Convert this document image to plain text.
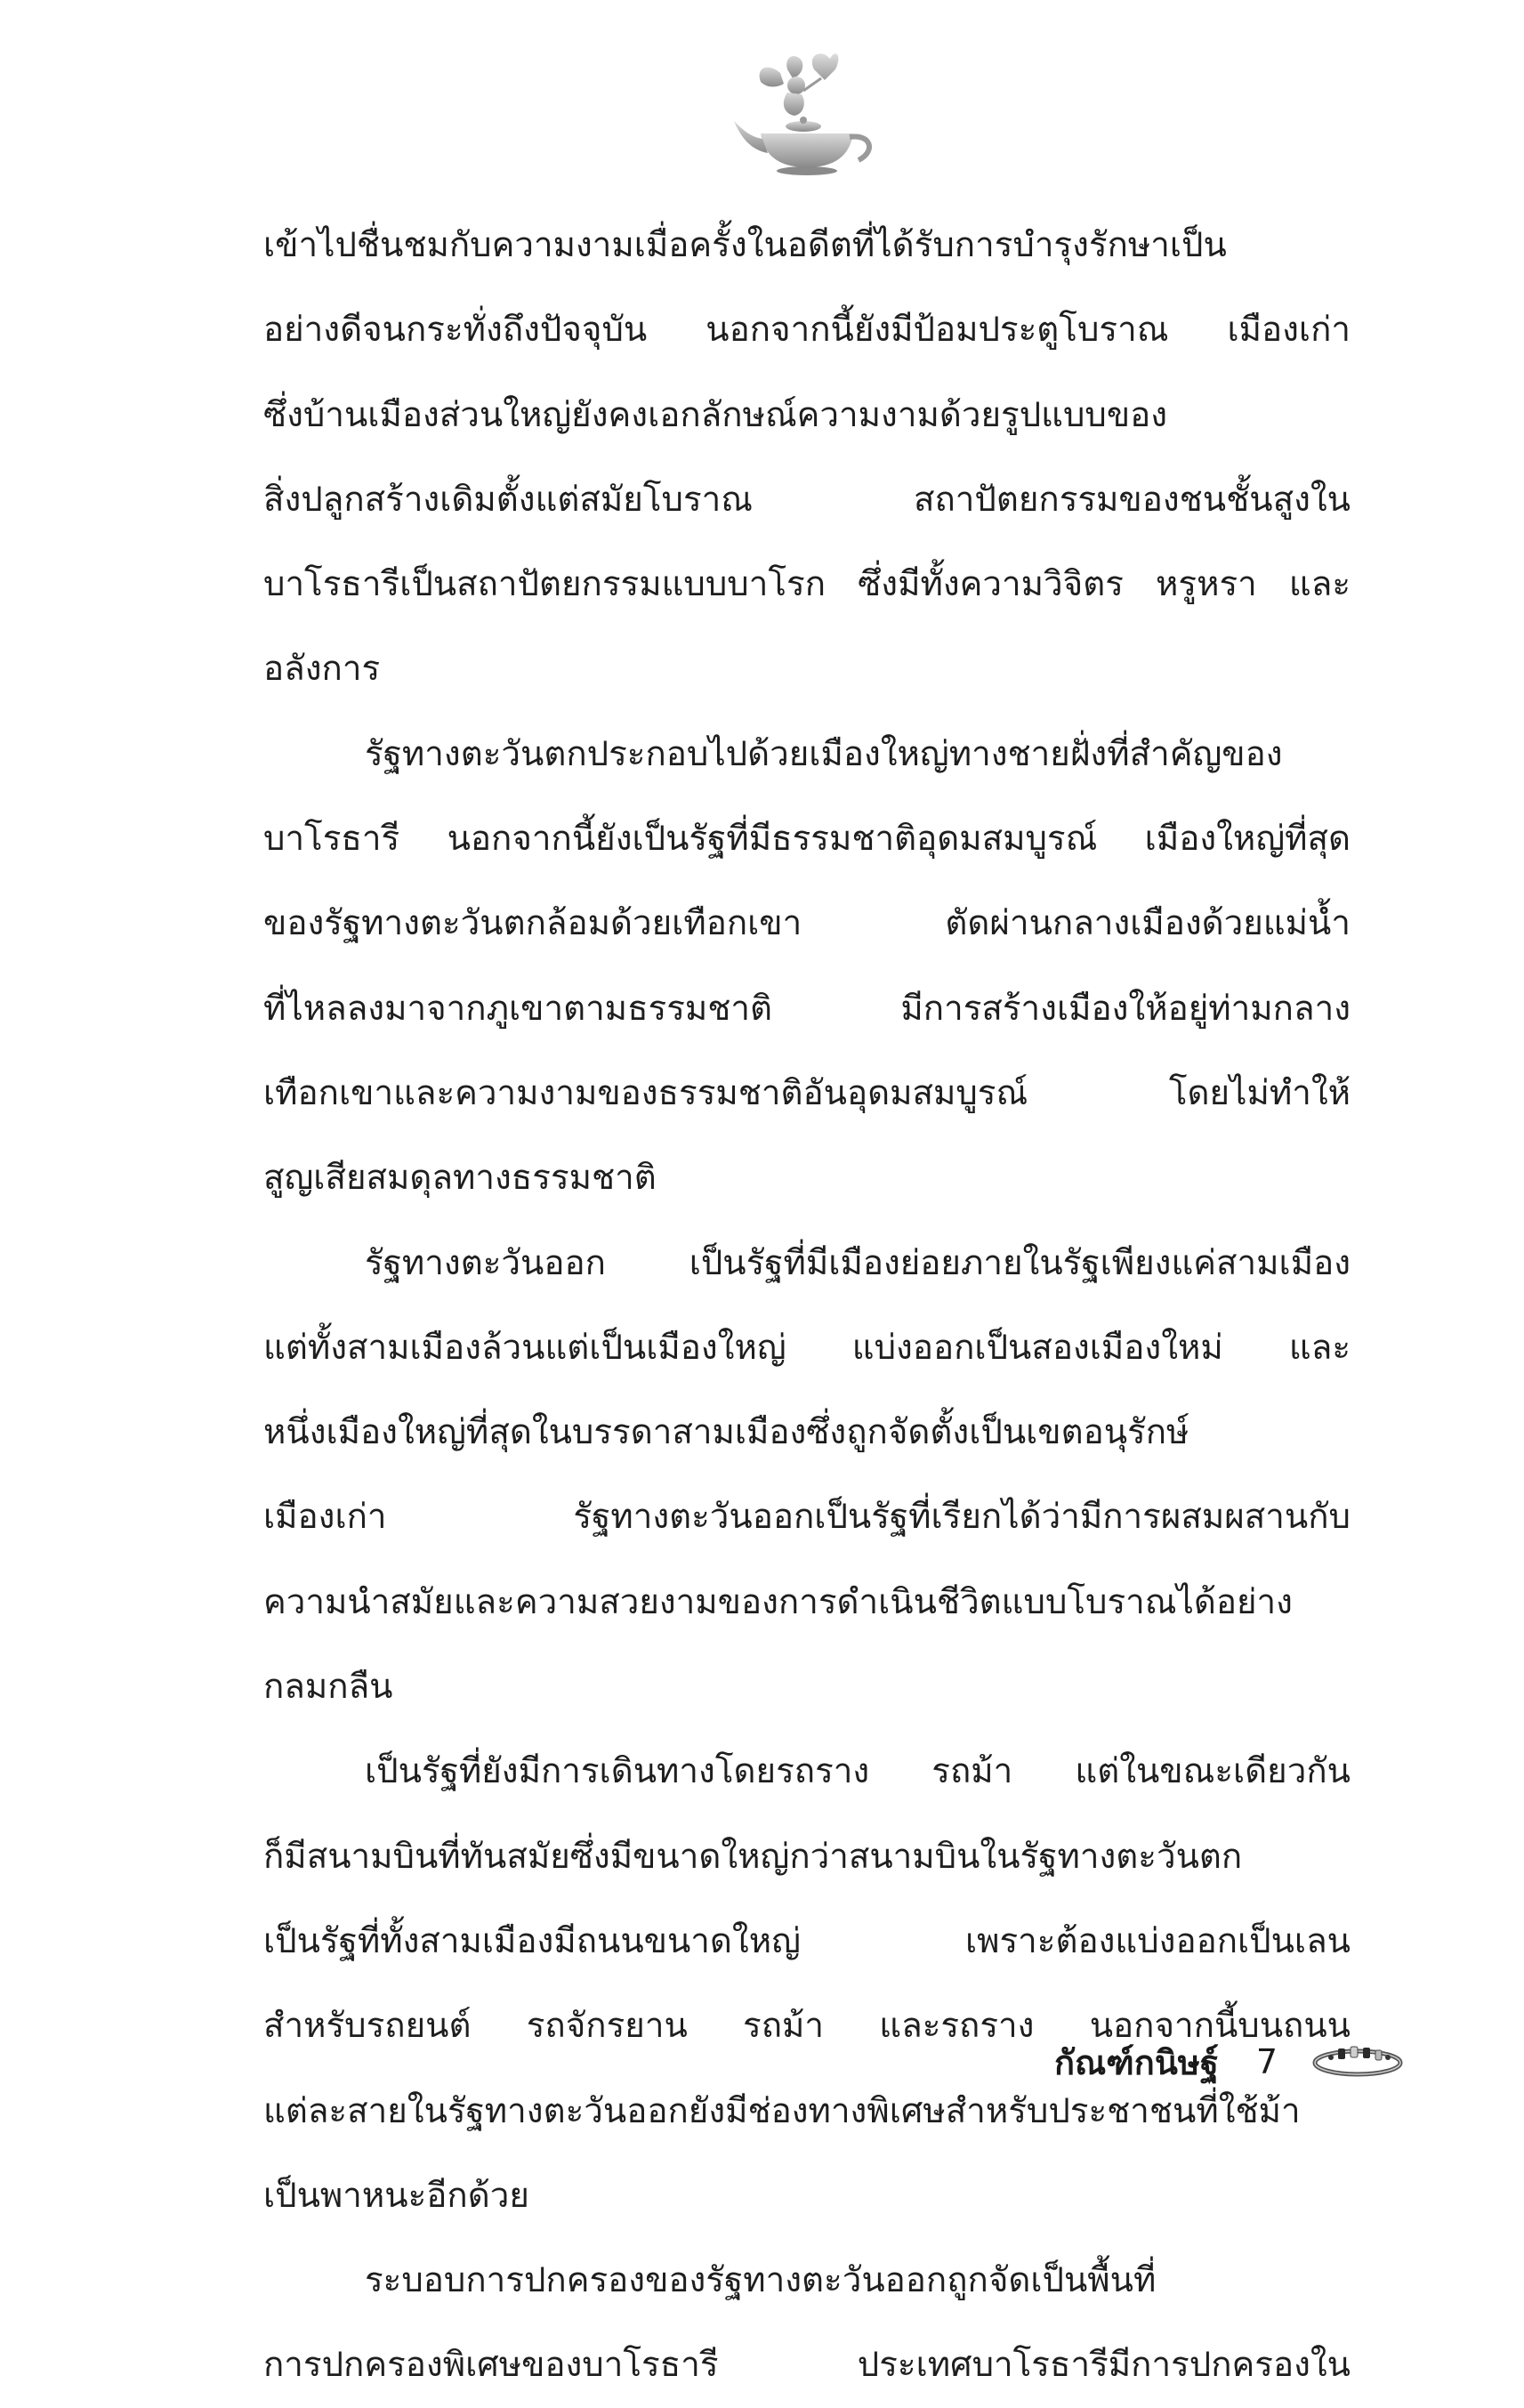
เข้าไปชื่นชมกับความงามเมื่อครั้งในอดีตที่ได้รับการบำรุงรักษาเป็น
อย่างดีจนกระทั่งถึงปัจจุบัน นอกจากนี้ยังมีป้อมประตูโบราณ เมืองเก่า
ซึ่งบ้านเมืองส่วนใหญ่ยังคงเอกลักษณ์ความงามด้วยรูปแบบของ
สิ่งปลูกสร้างเดิมตั้งแต่สมัยโบราณ สถาปัตยกรรมของชนชั้นสูงใน
บาโรธารีเป็นสถาปัตยกรรมแบบบาโรก ซึ่งมีทั้งความวิจิตร หรูหรา และ
อลังการ
รัฐทางตะวันตกประกอบไปด้วยเมืองใหญ่ทางชายฝั่งที่สำคัญของ
บาโรธารี นอกจากนี้ยังเป็นรัฐที่มีธรรมชาติอุดมสมบูรณ์ เมืองใหญ่ที่สุด
ของรัฐทางตะวันตกล้อมด้วยเทือกเขา ตัดผ่านกลางเมืองด้วยแม่น้ำ
ที่ไหลลงมาจากภูเขาตามธรรมชาติ มีการสร้างเมืองให้อยู่ท่ามกลาง
เทือกเขาและความงามของธรรมชาติอันอุดมสมบูรณ์ โดยไม่ทำให้
สูญเสียสมดุลทางธรรมชาติ
รัฐทางตะวันออก เป็นรัฐที่มีเมืองย่อยภายในรัฐเพียงแค่สามเมือง
แต่ทั้งสามเมืองล้วนแต่เป็นเมืองใหญ่ แบ่งออกเป็นสองเมืองใหม่ และ
หนึ่งเมืองใหญ่ที่สุดในบรรดาสามเมืองซึ่งถูกจัดตั้งเป็นเขตอนุรักษ์
เมืองเก่า รัฐทางตะวันออกเป็นรัฐที่เรียกได้ว่ามีการผสมผสานกับ
ความนำสมัยและความสวยงามของการดำเนินชีวิตแบบโบราณได้อย่าง
กลมกลืน
เป็นรัฐที่ยังมีการเดินทางโดยรถราง รถม้า แต่ในขณะเดียวกัน
ก็มีสนามบินที่ทันสมัยซึ่งมีขนาดใหญ่กว่าสนามบินในรัฐทางตะวันตก
เป็นรัฐที่ทั้งสามเมืองมีถนนขนาดใหญ่ เพราะต้องแบ่งออกเป็นเลน
สำหรับรถยนต์ รถจักรยาน รถม้า และรถราง นอกจากนี้บนถนน
แต่ละสายในรัฐทางตะวันออกยังมีช่องทางพิเศษสำหรับประชาชนที่ใช้ม้า
เป็นพาหนะอีกด้วย
ระบอบการปกครองของรัฐทางตะวันออกถูกจัดเป็นพื้นที่
การปกครองพิเศษของบาโรธารี ประเทศบาโรธารีมีการปกครองใน
กัณฑ์กนิษฐ์ 7
